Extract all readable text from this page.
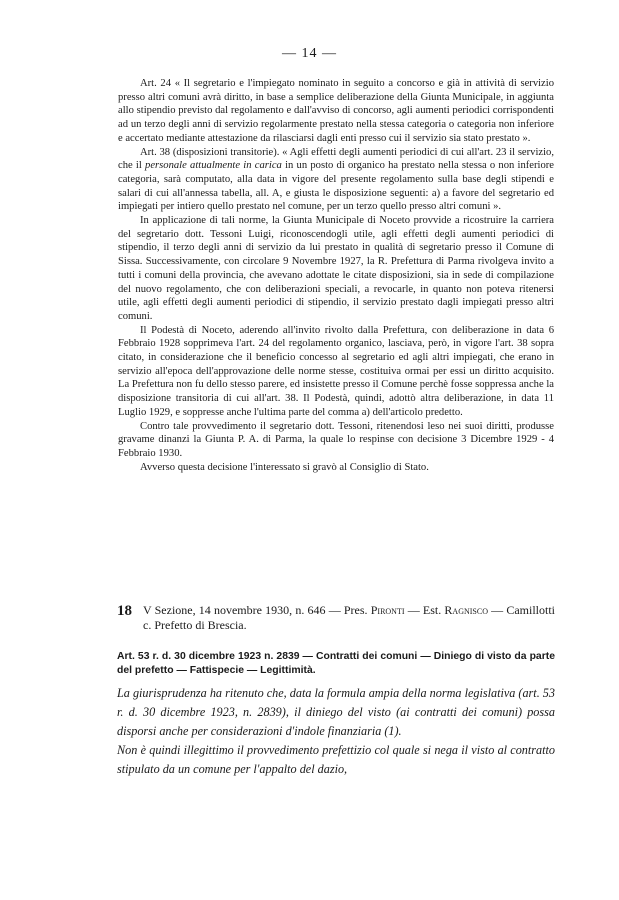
— 14 —

Art. 24 « Il segretario e l'impiegato nominato in seguito a concorso e già in attività di servizio presso altri comuni avrà diritto, in base a semplice deliberazione della Giunta Municipale, in aggiunta allo stipendio previsto dal regolamento e dall'avviso di concorso, agli aumenti periodici corrispondenti ad un terzo degli anni di servizio regolarmente prestato nella stessa categoria o categoria non inferiore e accertato mediante attestazione da rilasciarsi dagli enti presso cui il servizio sia stato prestato ».

Art. 38 (disposizioni transitorie). « Agli effetti degli aumenti periodici di cui all'art. 23 il servizio, che il personale attualmente in carica in un posto di organico ha prestato nella stessa o non inferiore categoria, sarà computato, alla data in vigore del presente regolamento sulla base degli stipendi e salari di cui all'annessa tabella, all. A, e giusta le disposizione seguenti: a) a favore del segretario ed impiegati per intiero quello prestato nel comune, per un terzo quello presso altri comuni ».

In applicazione di tali norme, la Giunta Municipale di Noceto provvide a ricostruire la carriera del segretario dott. Tessoni Luigi, riconoscendogli utile, agli effetti degli aumenti periodici di stipendio, il terzo degli anni di servizio da lui prestato in qualità di segretario presso il Comune di Sissa. Successivamente, con circolare 9 Novembre 1927, la R. Prefettura di Parma rivolgeva invito a tutti i comuni della provincia, che avevano adottate le citate disposizioni, sia in sede di compilazione del nuovo regolamento, che con deliberazioni speciali, a revocarle, in quanto non poteva ritenersi utile, agli effetti degli aumenti periodici di stipendio, il servizio prestato dagli impiegati presso altri comuni.

Il Podestà di Noceto, aderendo all'invito rivolto dalla Prefettura, con deliberazione in data 6 Febbraio 1928 sopprimeva l'art. 24 del regolamento organico, lasciava, però, in vigore l'art. 38 sopra citato, in considerazione che il beneficio concesso al segretario ed agli altri impiegati, che erano in servizio all'epoca dell'approvazione delle norme stesse, costituiva ormai per essi un diritto acquisito. La Prefettura non fu dello stesso parere, ed insistette presso il Comune perchè fosse soppressa anche la disposizione transitoria di cui all'art. 38. Il Podestà, quindi, adottò altra deliberazione, in data 11 Luglio 1929, e soppresse anche l'ultima parte del comma a) dell'articolo predetto.

Contro tale provvedimento il segretario dott. Tessoni, ritenendosi leso nei suoi diritti, produsse gravame dinanzi la Giunta P. A. di Parma, la quale lo respinse con decisione 3 Dicembre 1929 - 4 Febbraio 1930.

Avverso questa decisione l'interessato si gravò al Consiglio di Stato.

18 V Sezione, 14 novembre 1930, n. 646 — Pres. Pironti — Est. Ragnisco — Camillotti c. Prefetto di Brescia.
Art. 53 r. d. 30 dicembre 1923 n. 2839 — Contratti dei comuni — Diniego di visto da parte del prefetto — Fattispecie — Legittimità.

La giurisprudenza ha ritenuto che, data la formula ampia della norma legislativa (art. 53 r. d. 30 dicembre 1923, n. 2839), il diniego del visto (ai contratti dei comuni) possa disporsi anche per considerazioni d'indole finanziaria (1).

Non è quindi illegittimo il provvedimento prefettizio col quale si nega il visto al contratto stipulato da un comune per l'appalto del dazio,
